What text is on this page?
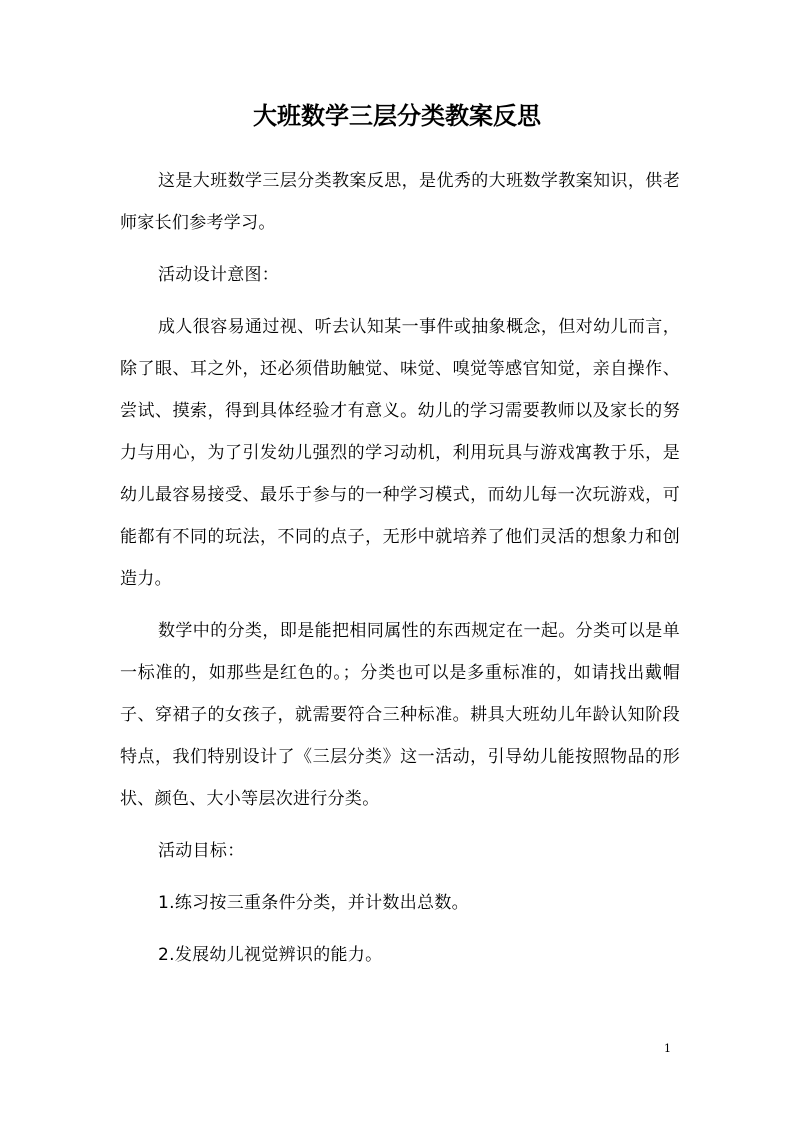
大班数学三层分类教案反思

这是大班数学三层分类教案反思，是优秀的大班数学教案知识，供老师家长们参考学习。

活动设计意图：

成人很容易通过视、听去认知某一事件或抽象概念，但对幼儿而言，除了眼、耳之外，还必须借助触觉、味觉、嗅觉等感官知觉，亲自操作、尝试、摸索，得到具体经验才有意义。幼儿的学习需要教师以及家长的努力与用心，为了引发幼儿强烈的学习动机，利用玩具与游戏寓教于乐，是幼儿最容易接受、最乐于参与的一种学习模式，而幼儿每一次玩游戏，可能都有不同的玩法，不同的点子，无形中就培养了他们灵活的想象力和创造力。

数学中的分类，即是能把相同属性的东西规定在一起。分类可以是单一标准的，如那些是红色的。；分类也可以是多重标准的，如请找出戴帽子、穿裙子的女孩子，就需要符合三种标准。耕具大班幼儿年龄认知阶段特点，我们特别设计了《三层分类》这一活动，引导幼儿能按照物品的形状、颜色、大小等层次进行分类。

活动目标：

1.练习按三重条件分类，并计数出总数。

2.发展幼儿视觉辨识的能力。

1
